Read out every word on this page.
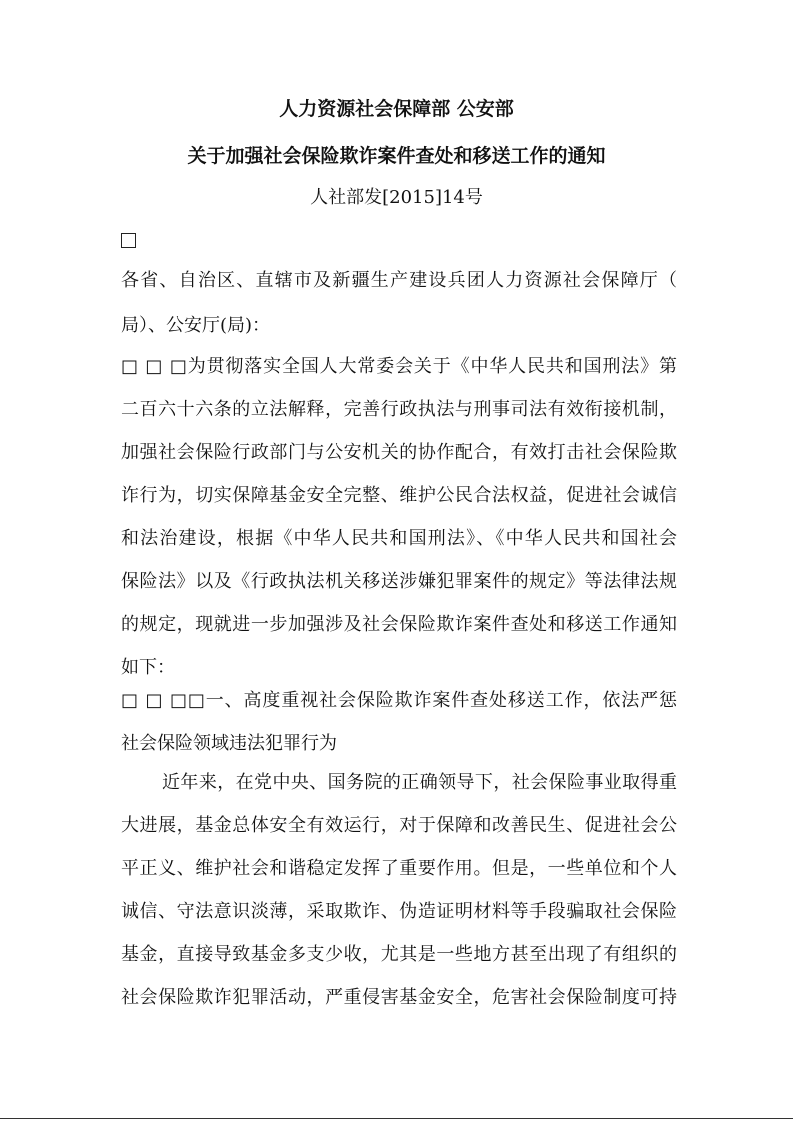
人力资源社会保障部 公安部
关于加强社会保险欺诈案件查处和移送工作的通知
人社部发[2015]14号
各省、自治区、直辖市及新疆生产建设兵团人力资源社会保障厅（
局）、公安厅(局)：
□ □ □为贯彻落实全国人大常委会关于《中华人民共和国刑法》第
二百六十六条的立法解释，完善行政执法与刑事司法有效衔接机制，
加强社会保险行政部门与公安机关的协作配合，有效打击社会保险欺
诈行为，切实保障基金安全完整、维护公民合法权益，促进社会诚信
和法治建设，根据《中华人民共和国刑法》、《中华人民共和国社会
保险法》以及《行政执法机关移送涉嫌犯罪案件的规定》等法律法规
的规定，现就进一步加强涉及社会保险欺诈案件查处和移送工作通知
如下：
□ □ □□一、高度重视社会保险欺诈案件查处移送工作，依法严惩
社会保险领域违法犯罪行为
近年来，在党中央、国务院的正确领导下，社会保险事业取得重
大进展，基金总体安全有效运行，对于保障和改善民生、促进社会公
平正义、维护社会和谐稳定发挥了重要作用。但是，一些单位和个人
诚信、守法意识淡薄，采取欺诈、伪造证明材料等手段骗取社会保险
基金，直接导致基金多支少收，尤其是一些地方甚至出现了有组织的
社会保险欺诈犯罪活动，严重侵害基金安全，危害社会保险制度可持
